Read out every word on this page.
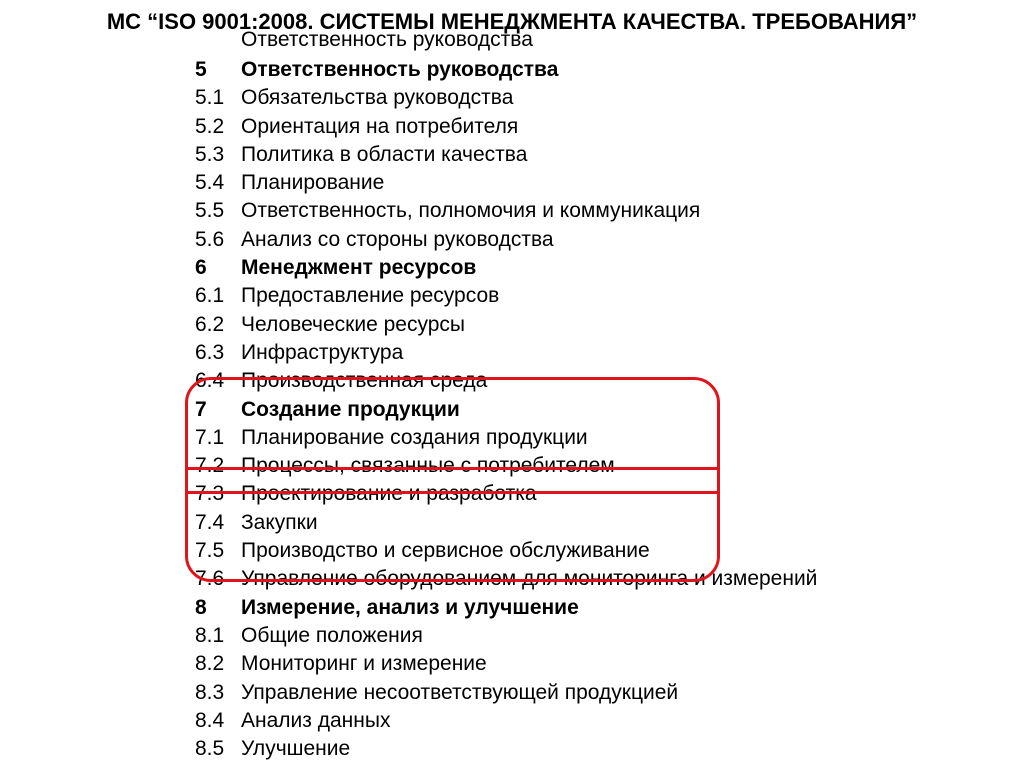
МС “ISO 9001:2008. СИСТЕМЫ МЕНЕДЖМЕНТА КАЧЕСТВА. ТРЕБОВАНИЯ”
Ответственность руководства
5	Ответственность руководства
5.1 Обязательства руководства
5.2 Ориентация на потребителя
5.3 Политика в области качества
5.4 Планирование
5.5 Ответственность, полномочия и коммуникация
5.6 Анализ со стороны руководства
6	Менеджмент ресурсов
6.1 Предоставление ресурсов
6.2 Человеческие ресурсы
6.3 Инфраструктура
6.4 Производственная среда
7	Создание продукции
7.1 Планирование создания продукции
7.2 Процессы, связанные с потребителем
7.3 Проектирование и разработка
7.4 Закупки
7.5 Производство и сервисное обслуживание
7.6 Управление оборудованием для мониторинга и измерений
8	Измерение, анализ и улучшение
8.1 Общие положения
8.2 Мониторинг и измерение
8.3 Управление несоответствующей продукцией
8.4 Анализ данных
8.5 Улучшение
